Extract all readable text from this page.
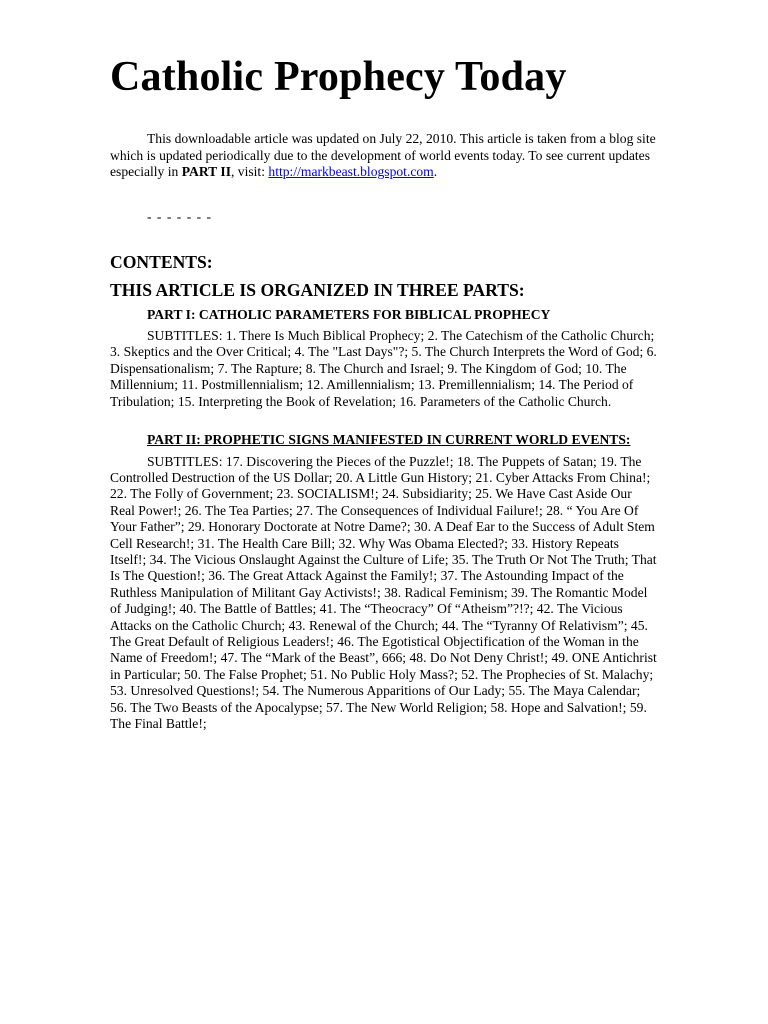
Catholic Prophecy Today

This downloadable article was updated on July 22, 2010. This article is taken from a blog site which is updated periodically due to the development of world events today. To see current updates especially in PART II, visit: http://markbeast.blogspot.com.

- - - - - - -
CONTENTS:
THIS ARTICLE IS ORGANIZED IN THREE PARTS:
PART I: CATHOLIC PARAMETERS FOR BIBLICAL PROPHECY

SUBTITLES: 1. There Is Much Biblical Prophecy; 2. The Catechism of the Catholic Church; 3. Skeptics and the Over Critical; 4. The "Last Days"?; 5. The Church Interprets the Word of God; 6. Dispensationalism; 7. The Rapture; 8. The Church and Israel; 9. The Kingdom of God; 10. The Millennium; 11. Postmillennialism; 12. Amillennialism; 13. Premillennialism; 14. The Period of Tribulation; 15. Interpreting the Book of Revelation; 16. Parameters of the Catholic Church.

PART II: PROPHETIC SIGNS MANIFESTED IN CURRENT WORLD EVENTS:

SUBTITLES: 17. Discovering the Pieces of the Puzzle!; 18. The Puppets of Satan; 19. The Controlled Destruction of the US Dollar; 20. A Little Gun History; 21. Cyber Attacks From China!; 22. The Folly of Government; 23. SOCIALISM!; 24. Subsidiarity; 25. We Have Cast Aside Our Real Power!; 26. The Tea Parties; 27. The Consequences of Individual Failure!; 28. “ You Are Of Your Father”; 29. Honorary Doctorate at Notre Dame?; 30. A Deaf Ear to the Success of Adult Stem Cell Research!; 31. The Health Care Bill; 32. Why Was Obama Elected?; 33. History Repeats Itself!; 34. The Vicious Onslaught Against the Culture of Life; 35. The Truth Or Not The Truth; That Is The Question!; 36. The Great Attack Against the Family!; 37. The Astounding Impact of the Ruthless Manipulation of Militant Gay Activists!; 38. Radical Feminism; 39. The Romantic Model of Judging!; 40. The Battle of Battles; 41. The “Theocracy” Of “Atheism”?!?; 42. The Vicious Attacks on the Catholic Church; 43. Renewal of the Church; 44. The “Tyranny Of Relativism”; 45. The Great Default of Religious Leaders!; 46. The Egotistical Objectification of the Woman in the Name of Freedom!; 47. The “Mark of the Beast”, 666; 48. Do Not Deny Christ!; 49. ONE Antichrist in Particular; 50. The False Prophet; 51. No Public Holy Mass?; 52. The Prophecies of St. Malachy; 53. Unresolved Questions!; 54. The Numerous Apparitions of Our Lady; 55. The Maya Calendar; 56. The Two Beasts of the Apocalypse; 57. The New World Religion; 58. Hope and Salvation!; 59. The Final Battle!;
